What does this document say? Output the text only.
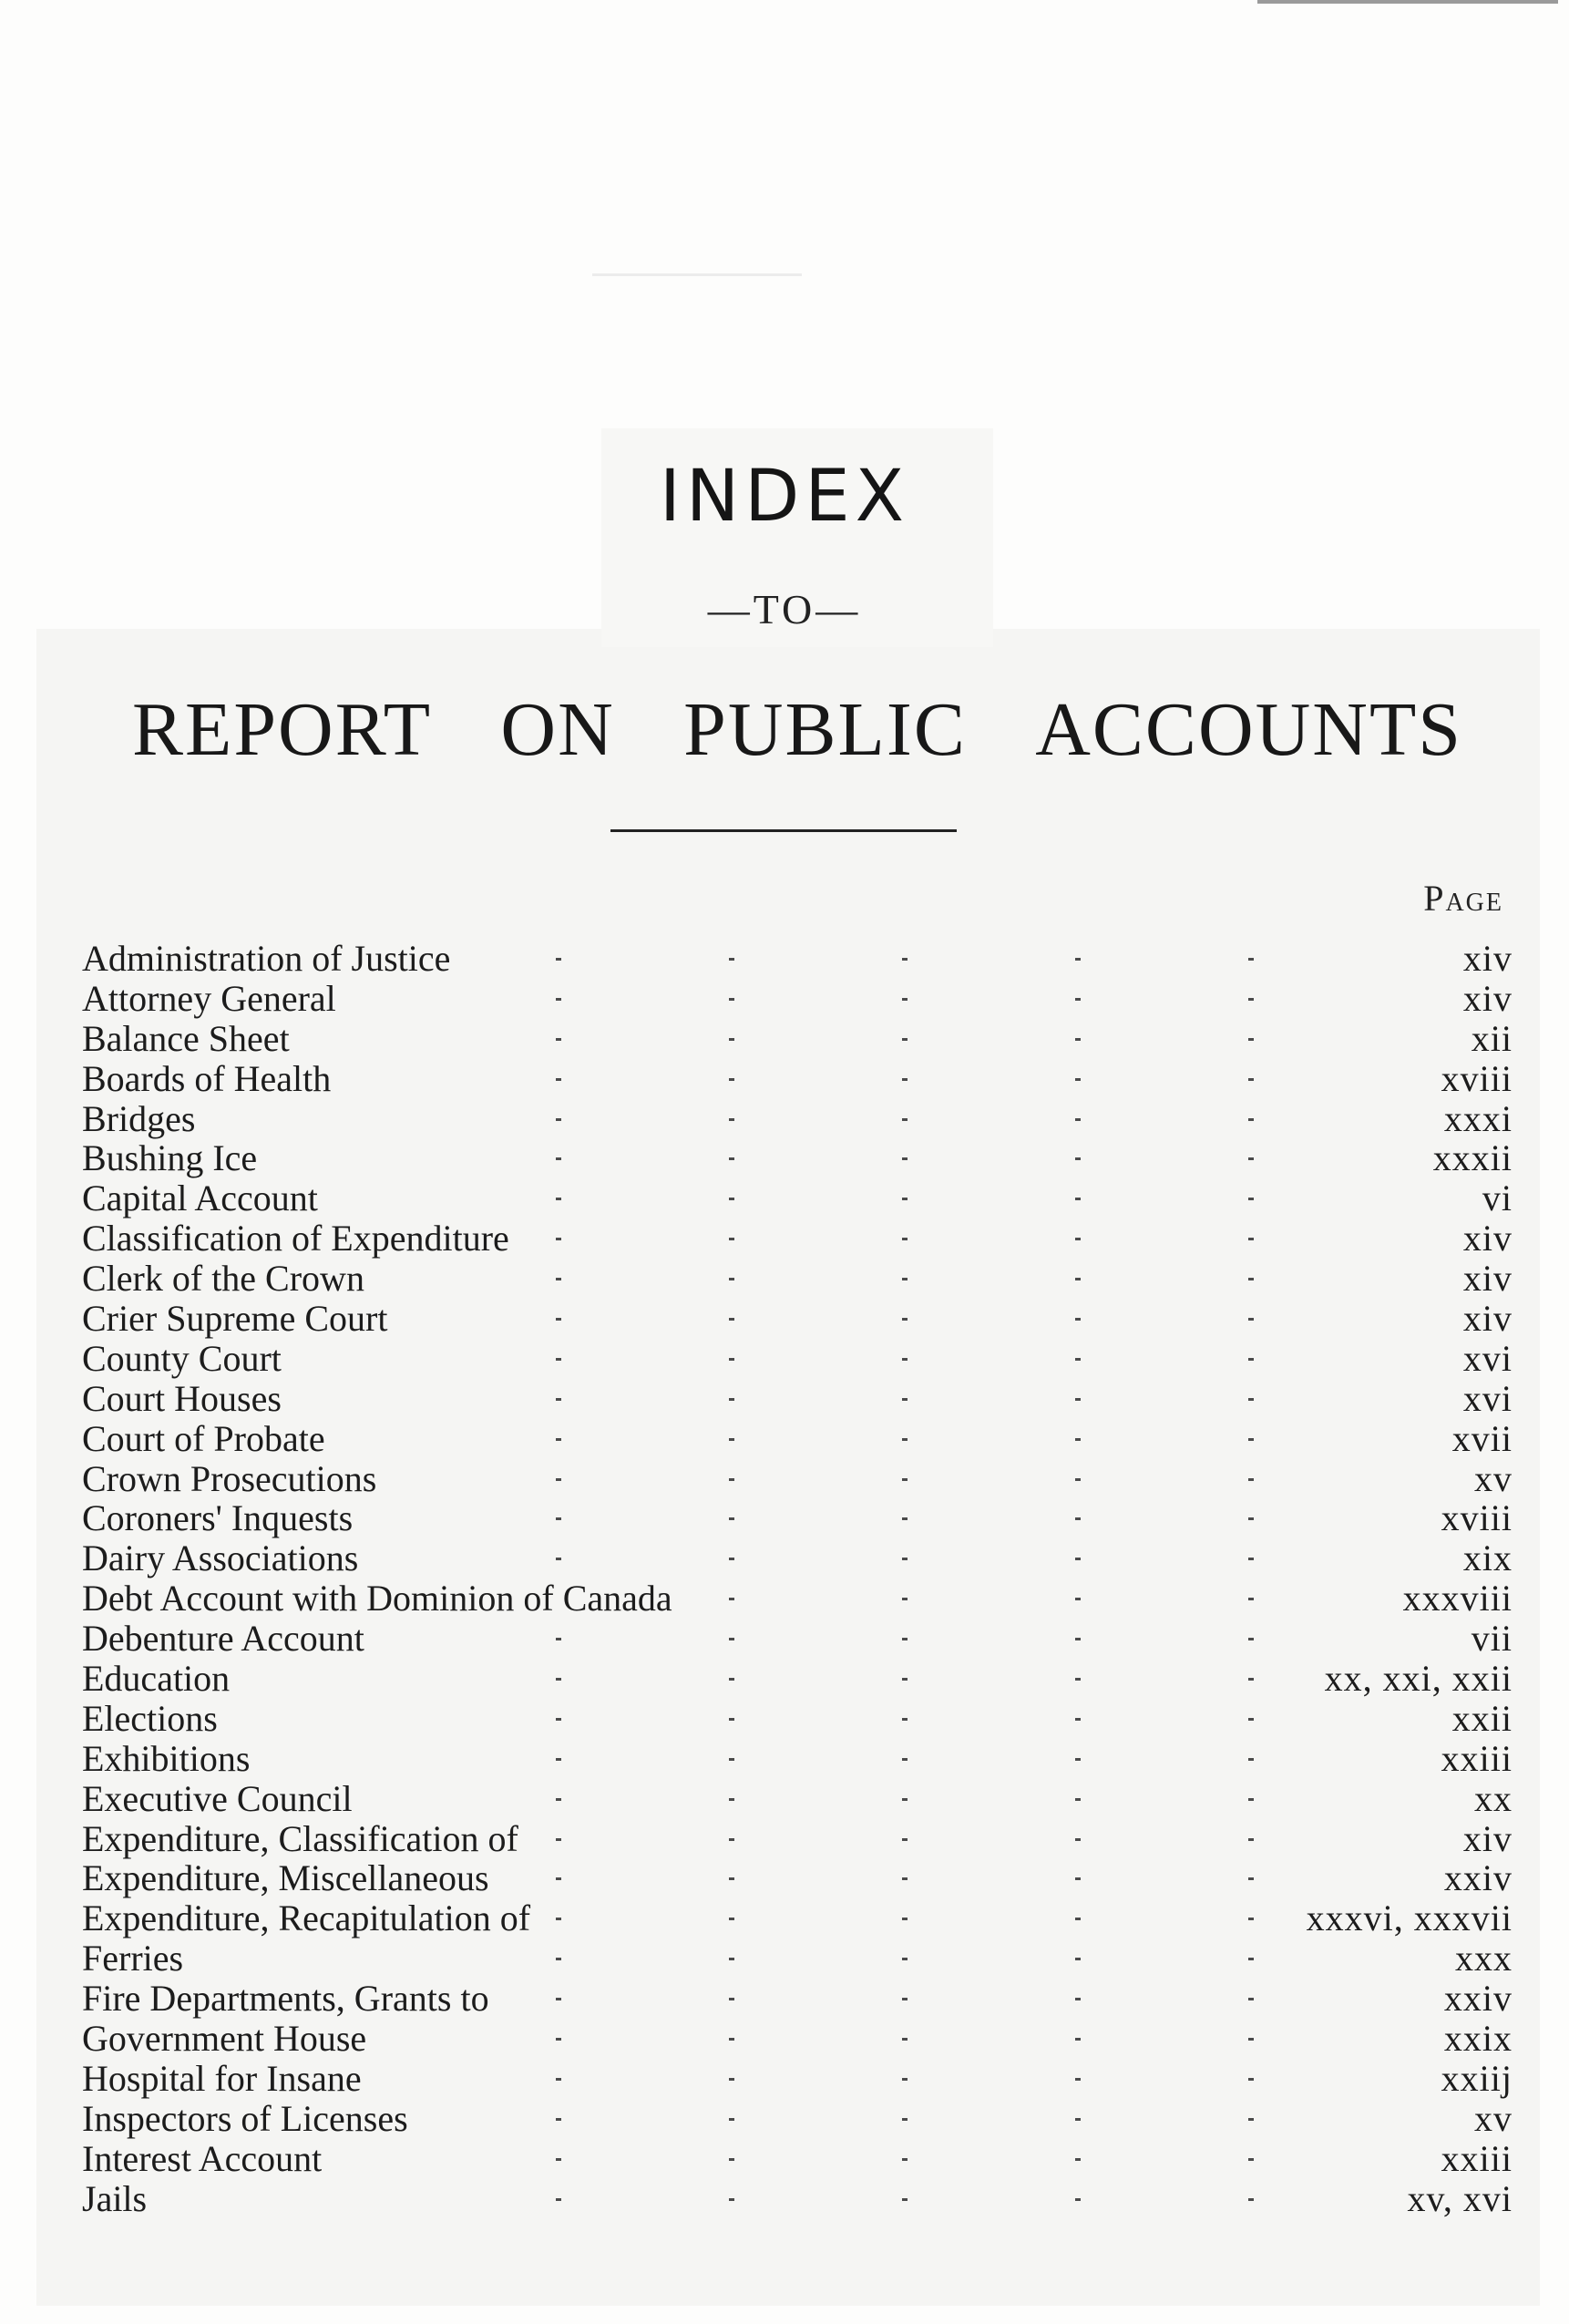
INDEX
—TO—
REPORT ON PUBLIC ACCOUNTS
Page
Administration of Justice	xiv
Attorney General	xiv
Balance Sheet	xii
Boards of Health	xviii
Bridges	xxxi
Bushing Ice	xxxii
Capital Account	vi
Classification of Expenditure	xiv
Clerk of the Crown	xiv
Crier Supreme Court	xiv
County Court	xvi
Court Houses	xvi
Court of Probate	xvii
Crown Prosecutions	xv
Coroners' Inquests	xviii
Dairy Associations	xix
Debt Account with Dominion of Canada	xxxviii
Debenture Account	vii
Education	xx, xxi, xxii
Elections	xxii
Exhibitions	xxiii
Executive Council	xx
Expenditure, Classification of	xiv
Expenditure, Miscellaneous	xxiv
Expenditure, Recapitulation of	xxxvi, xxxvii
Ferries	xxx
Fire Departments, Grants to	xxiv
Government House	xxix
Hospital for Insane	xxiij
Inspectors of Licenses	xv
Interest Account	xxiii
Jails	xv, xvi
